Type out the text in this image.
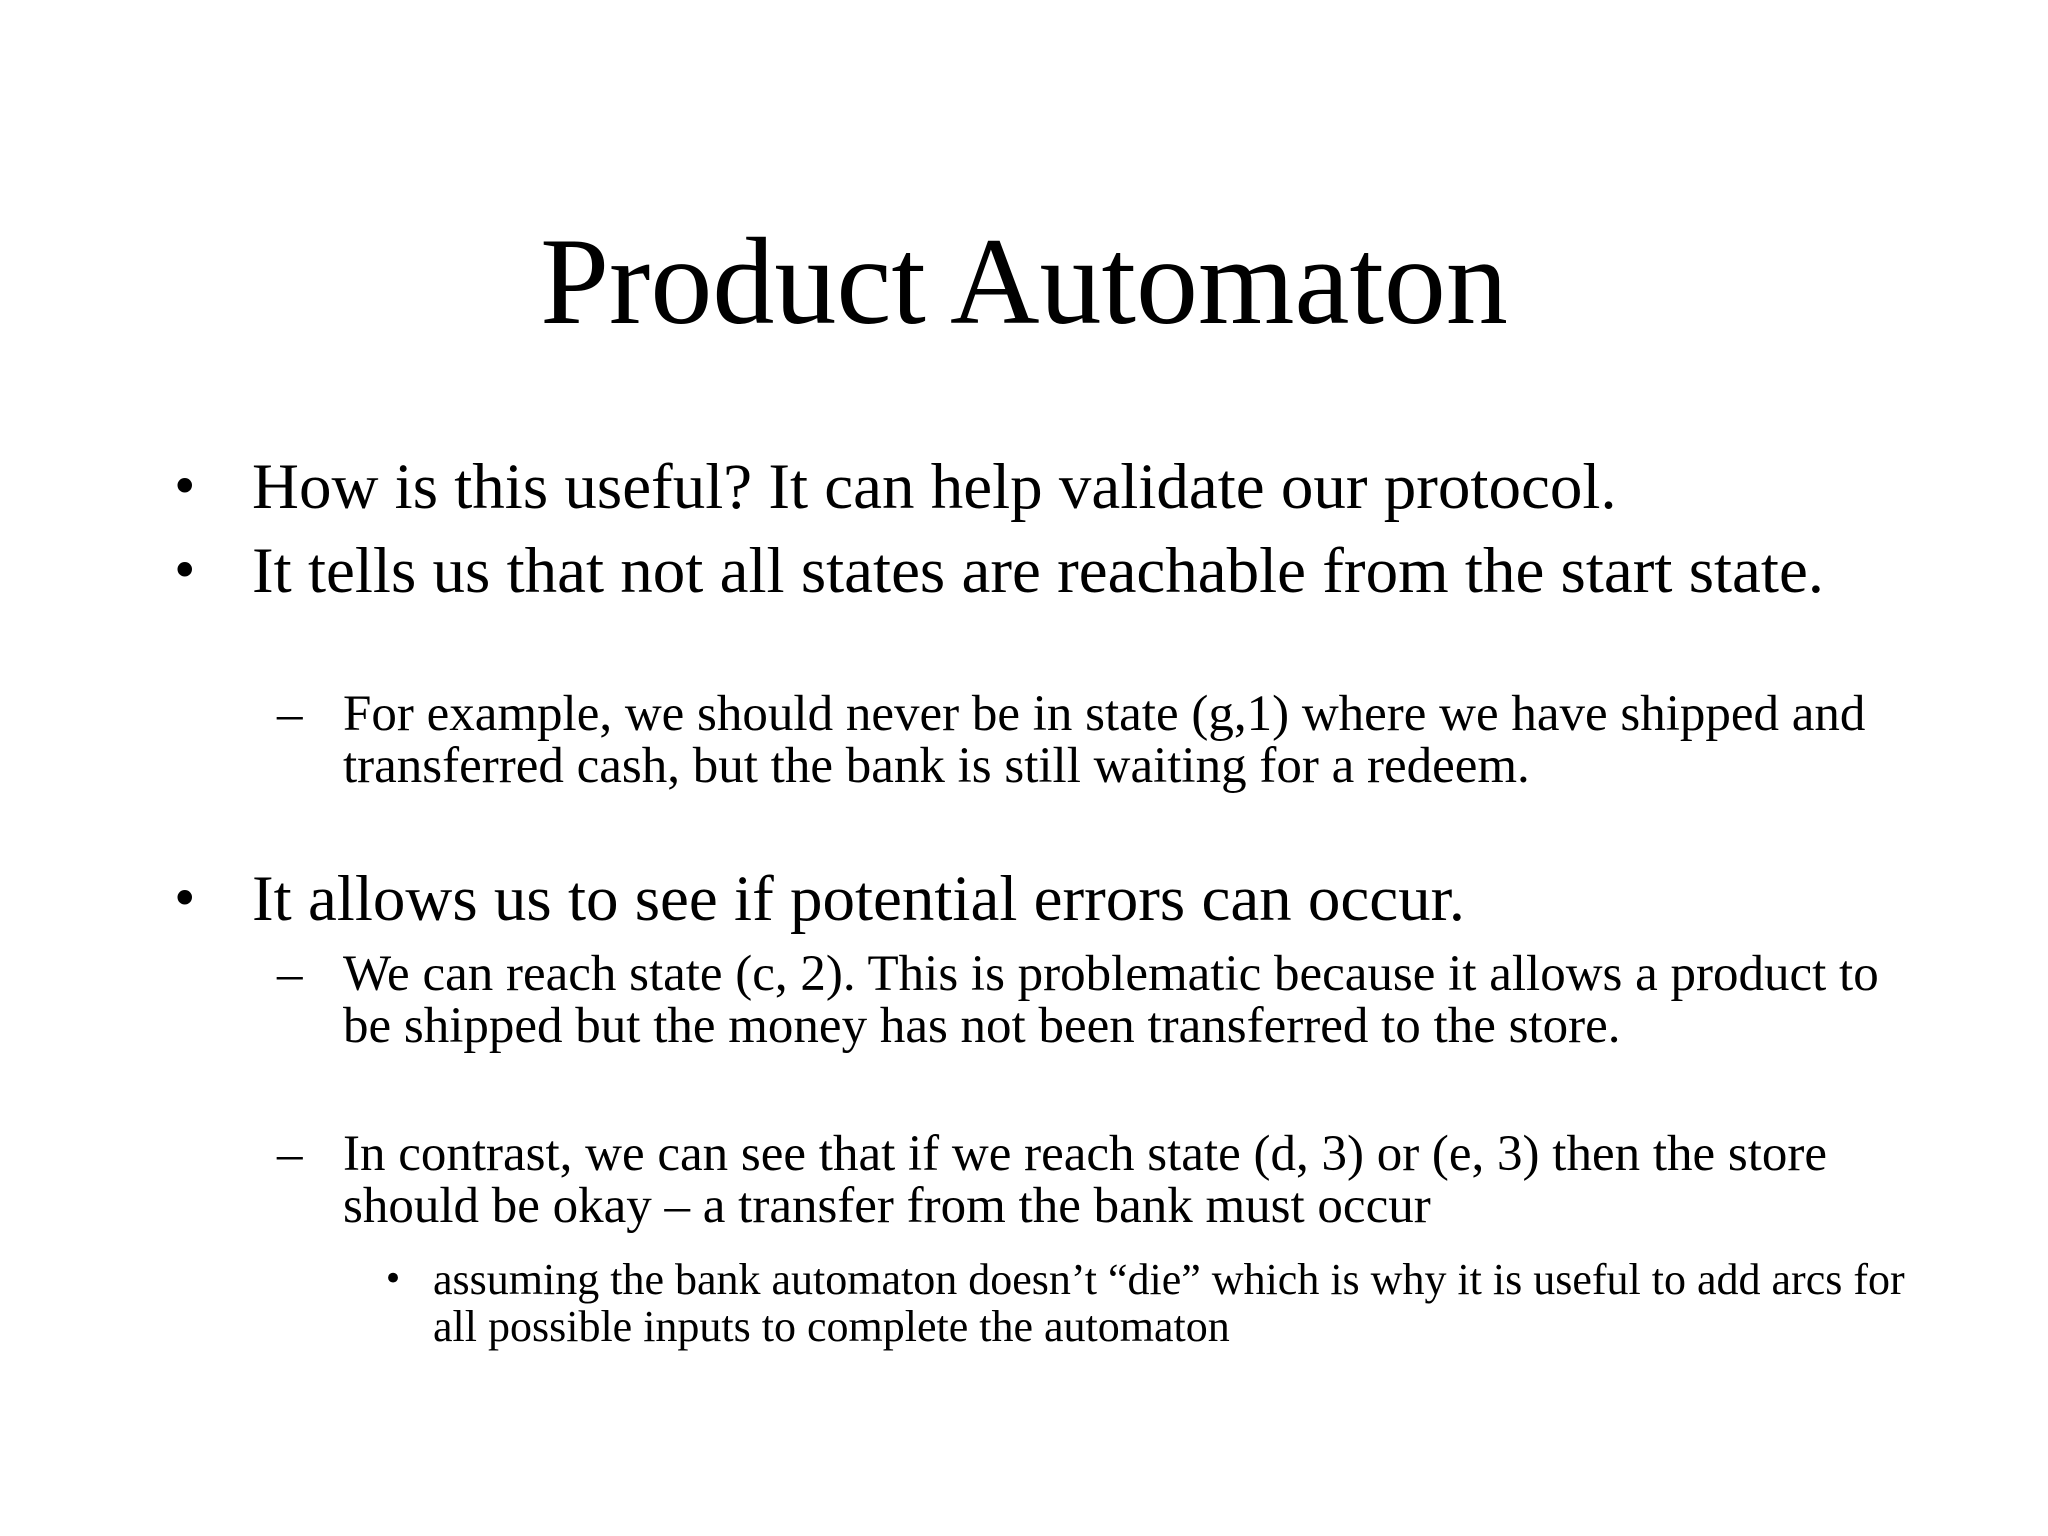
Product Automaton
• How is this useful? It can help validate our protocol.
• It tells us that not all states are reachable from the start state.
– For example, we should never be in state (g,1) where we have shipped and transferred cash, but the bank is still waiting for a redeem.
• It allows us to see if potential errors can occur.
– We can reach state (c, 2). This is problematic because it allows a product to be shipped but the money has not been transferred to the store.
– In contrast, we can see that if we reach state (d, 3) or (e, 3) then the store should be okay – a transfer from the bank must occur
• assuming the bank automaton doesn’t “die” which is why it is useful to add arcs for all possible inputs to complete the automaton
